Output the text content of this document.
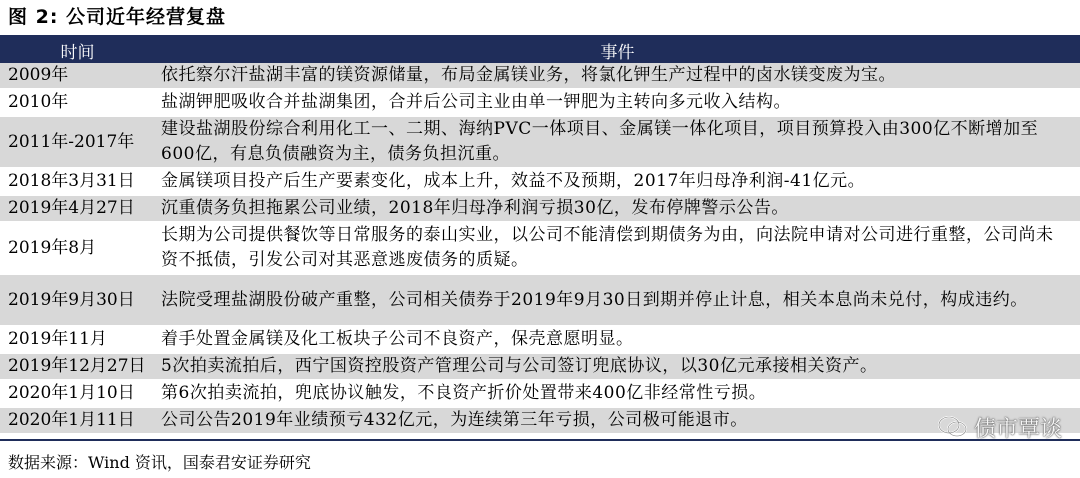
图 2: 公司近年经营复盘
时间	事件
2009年	依托察尔汗盐湖丰富的镁资源储量，布局金属镁业务，将氯化钾生产过程中的卤水镁变废为宝。
2010年	盐湖钾肥吸收合并盐湖集团，合并后公司主业由单一钾肥为主转向多元收入结构。
2011年-2017年	建设盐湖股份综合利用化工一、二期、海纳PVC一体项目、金属镁一体化项目，项目预算投入由300亿不断增加至600亿，有息负债融资为主，债务负担沉重。
2018年3月31日	金属镁项目投产后生产要素变化，成本上升，效益不及预期，2017年归母净利润-41亿元。
2019年4月27日	沉重债务负担拖累公司业绩，2018年归母净利润亏损30亿，发布停牌警示公告。
2019年8月	长期为公司提供餐饮等日常服务的泰山实业，以公司不能清偿到期债务为由，向法院申请对公司进行重整，公司尚未资不抵债，引发公司对其恶意逃废债务的质疑。
2019年9月30日	法院受理盐湖股份破产重整，公司相关债券于2019年9月30日到期并停止计息，相关本息尚未兑付，构成违约。
2019年11月	着手处置金属镁及化工板块子公司不良资产，保壳意愿明显。
2019年12月27日	5次拍卖流拍后，西宁国资控股资产管理公司与公司签订兜底协议，以30亿元承接相关资产。
2020年1月10日	第6次拍卖流拍，兜底协议触发，不良资产折价处置带来400亿非经常性亏损。
2020年1月11日	公司公告2019年业绩预亏432亿元，为连续第三年亏损，公司极可能退市。	债市覃谈
数据来源：Wind 资讯，国泰君安证券研究
